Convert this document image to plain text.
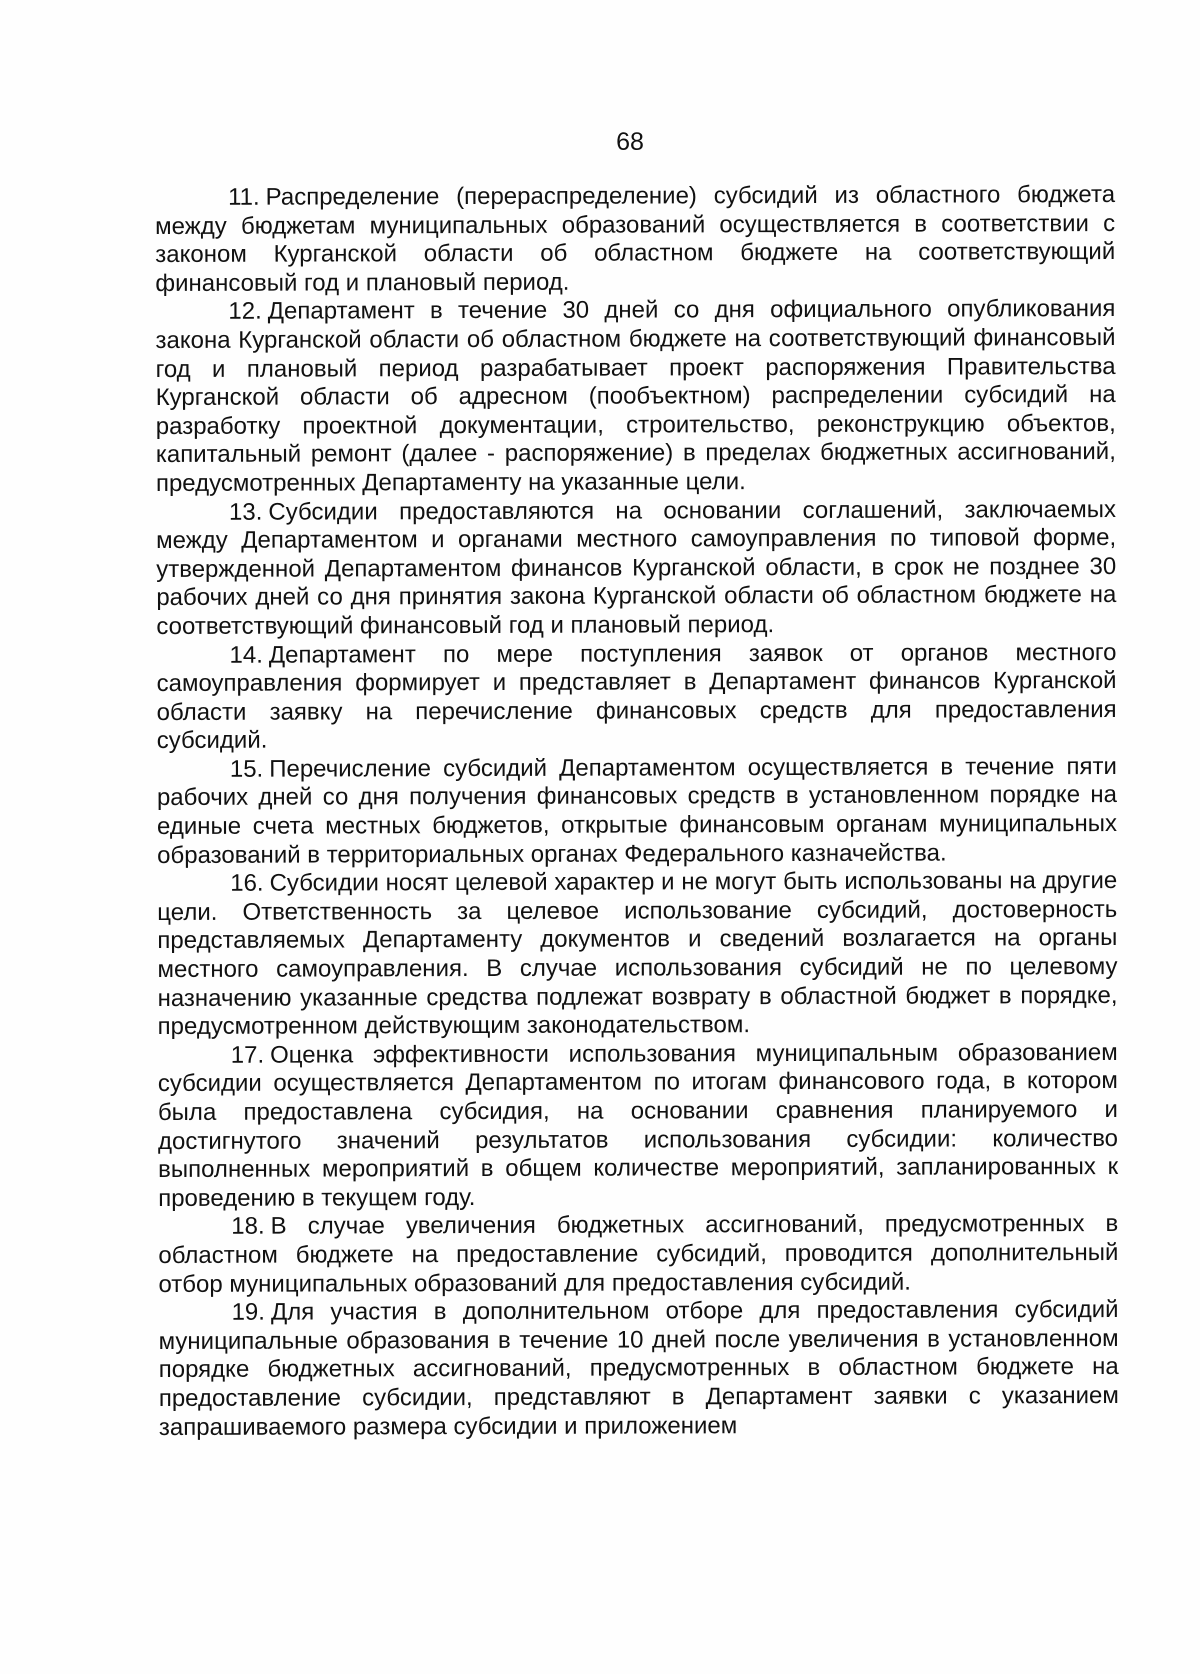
68

11. Распределение (перераспределение) субсидий из областного бюджета между бюджетам муниципальных образований осуществляется в соответствии с законом Курганской области об областном бюджете на соответствующий финансовый год и плановый период.

12. Департамент в течение 30 дней со дня официального опубликования закона Курганской области об областном бюджете на соответствующий финансовый год и плановый период разрабатывает проект распоряжения Правительства Курганской области об адресном (пообъектном) распределении субсидий на разработку проектной документации, строительство, реконструкцию объектов, капитальный ремонт (далее - распоряжение) в пределах бюджетных ассигнований, предусмотренных Департаменту на указанные цели.

13. Субсидии предоставляются на основании соглашений, заключаемых между Департаментом и органами местного самоуправления по типовой форме, утвержденной Департаментом финансов Курганской области, в срок не позднее 30 рабочих дней со дня принятия закона Курганской области об областном бюджете на соответствующий финансовый год и плановый период.

14. Департамент по мере поступления заявок от органов местного самоуправления формирует и представляет в Департамент финансов Курганской области заявку на перечисление финансовых средств для предоставления субсидий.

15. Перечисление субсидий Департаментом осуществляется в течение пяти рабочих дней со дня получения финансовых средств в установленном порядке на единые счета местных бюджетов, открытые финансовым органам муниципальных образований в территориальных органах Федерального казначейства.

16. Субсидии носят целевой характер и не могут быть использованы на другие цели. Ответственность за целевое использование субсидий, достоверность представляемых Департаменту документов и сведений возлагается на органы местного самоуправления. В случае использования субсидий не по целевому назначению указанные средства подлежат возврату в областной бюджет в порядке, предусмотренном действующим законодательством.

17. Оценка эффективности использования муниципальным образованием субсидии осуществляется Департаментом по итогам финансового года, в котором была предоставлена субсидия, на основании сравнения планируемого и достигнутого значений результатов использования субсидии: количество выполненных мероприятий в общем количестве мероприятий, запланированных к проведению в текущем году.

18. В случае увеличения бюджетных ассигнований, предусмотренных в областном бюджете на предоставление субсидий, проводится дополнительный отбор муниципальных образований для предоставления субсидий.

19. Для участия в дополнительном отборе для предоставления субсидий муниципальные образования в течение 10 дней после увеличения в установленном порядке бюджетных ассигнований, предусмотренных в областном бюджете на предоставление субсидии, представляют в Департамент заявки с указанием запрашиваемого размера субсидии и приложением
